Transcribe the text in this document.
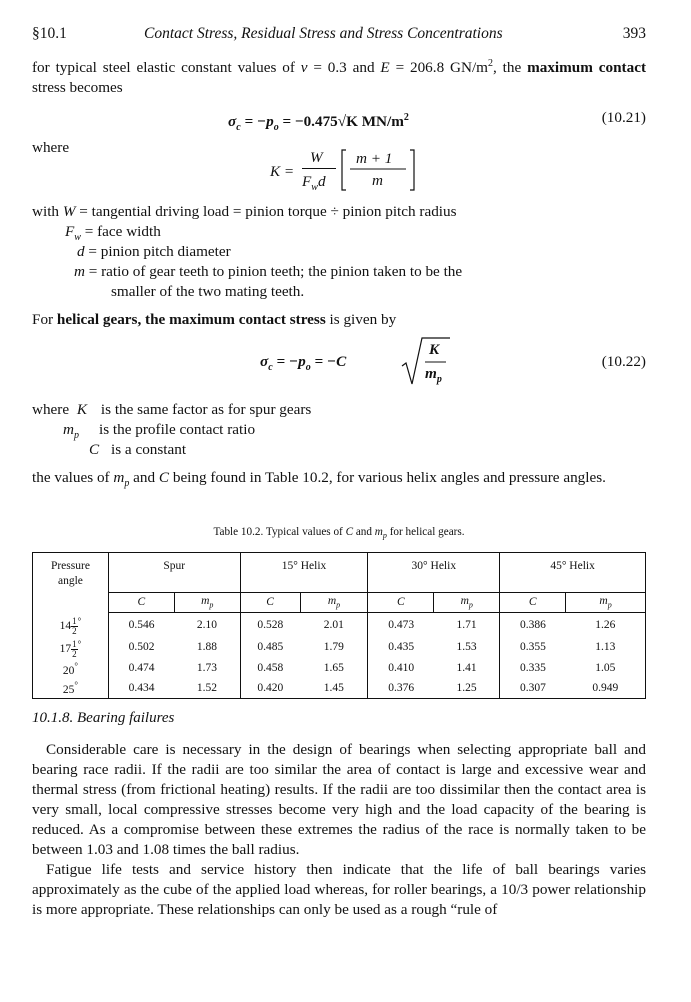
§10.1	Contact Stress, Residual Stress and Stress Concentrations	393

for typical steel elastic constant values of ν = 0.3 and E = 206.8 $GN/m^2$, the maximum contact stress becomes

$\sigma_c = -p_o = -0.475√K$ $MN/m^2$	(10.21)
where
K =
W
$F_wd$
m + 1
m
with W = tangential driving load = pinion torque ÷ pinion pitch radius
$F_w$ = face width
d = pinion pitch diameter
m = ratio of gear teeth to pinion teeth; the pinion taken to be the
smaller of the two mating teeth.

For helical gears, the maximum contact stress is given by

$\sigma_c = -p_o = -C$
K
$m_p$
(10.22)
where K is the same factor as for spur gears
$m_p$ is the profile contact ratio
C is a constant

the values of $m_p$ and C being found in Table 10.2, for various helix angles and pressure angles.

Table 10.2. Typical values of C and $m_p$ for helical gears.
Pressure
angle	Spur		15° Helix		30° Helix		45° Helix	
	C	$m_p$	C	$m_p$	C	$m_p$	C	$m_p$
$14 \frac{1}{2} ^\circ$	0.546	2.10	0.528	2.01	0.473	1.71	0.386	1.26
$17 \frac{1}{2} ^\circ$	0.502	1.88	0.485	1.79	0.435	1.53	0.355	1.13
20°	0.474	1.73	0.458	1.65	0.410	1.41	0.335	1.05
25°	0.434	1.52	0.420	1.45	0.376	1.25	0.307	0.949
10.1.8. Bearing failures

Considerable care is necessary in the design of bearings when selecting appropriate ball and bearing race radii. If the radii are too similar the area of contact is large and excessive wear and thermal stress (from frictional heating) results. If the radii are too dissimilar then the contact area is very small, local compressive stresses become very high and the load capacity of the bearing is reduced. As a compromise between these extremes the radius of the race is normally taken to be between 1.03 and 1.08 times the ball radius.

Fatigue life tests and service history then indicate that the life of ball bearings varies approximately as the cube of the applied load whereas, for roller bearings, a 10/3 power relationship is more appropriate. These relationships can only be used as a rough “rule of
